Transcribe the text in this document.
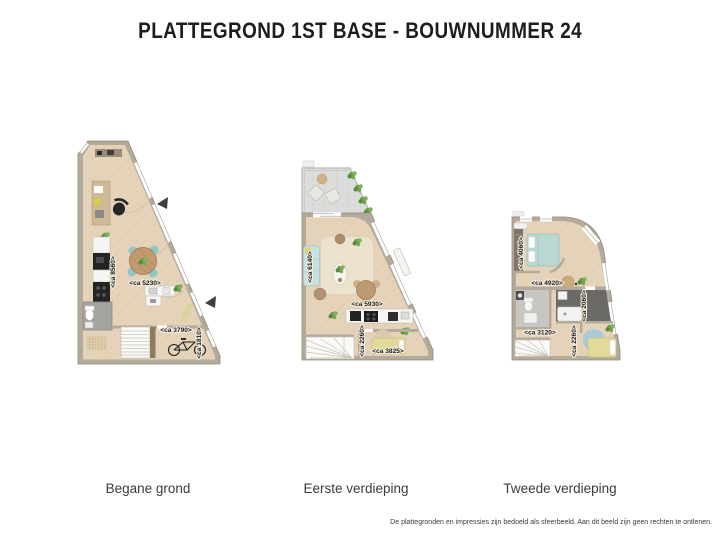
PLATTEGROND 1ST BASE - BOUWNUMMER 24
<ca 8560> <ca 5230>
<ca 3790> <ca 1810>
<ca 6140>
<ca 5930>
<ca 2260> <ca 3825>
<ca 4060>
<ca 4920>
<ca 2060>
<ca 3120> <ca 2260>
Begane grond	Eerste verdieping	Tweede verdieping
De plattegronden en impressies zijn bedoeld als sfeerbeeld. Aan dit beeld zijn geen rechten te ontlenen.
